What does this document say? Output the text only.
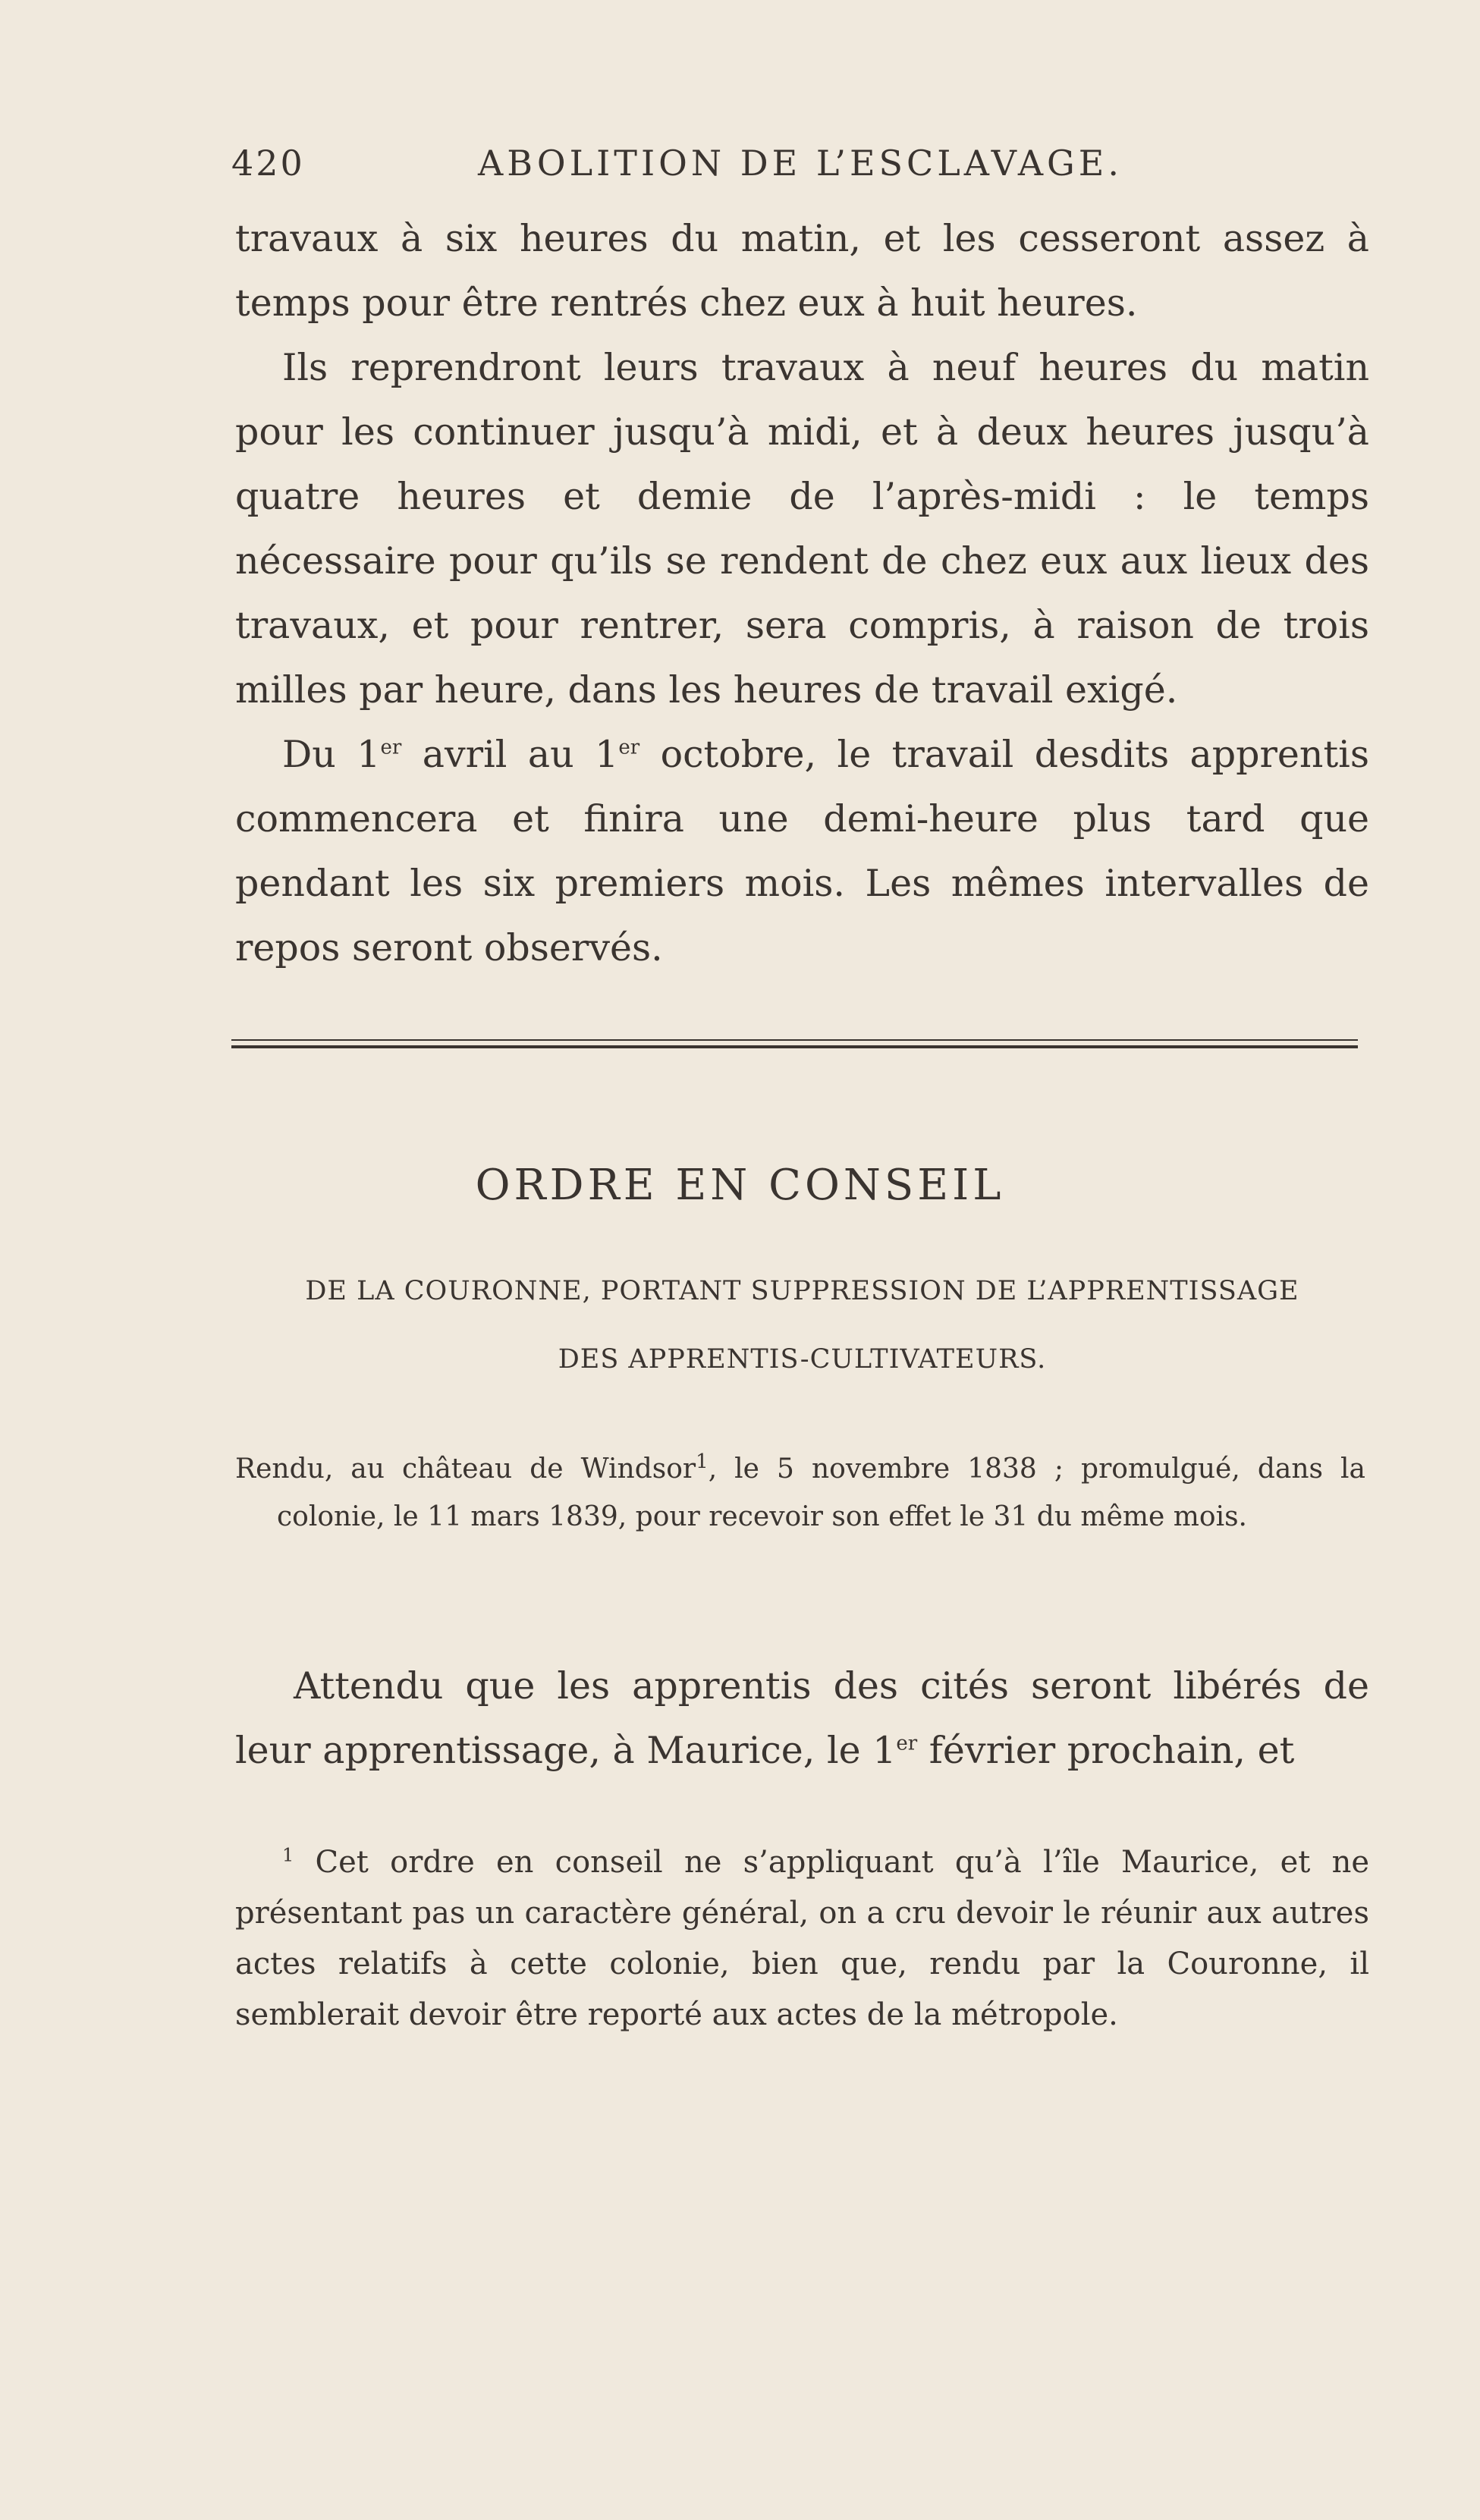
420	ABOLITION DE L’ESCLAVAGE.

travaux à six heures du matin, et les cesseront assez à temps pour être rentrés chez eux à huit heures.

Ils reprendront leurs travaux à neuf heures du matin pour les continuer jusqu’à midi, et à deux heures jusqu’à quatre heures et demie de l’après-midi : le temps nécessaire pour qu’ils se rendent de chez eux aux lieux des travaux, et pour rentrer, sera compris, à raison de trois milles par heure, dans les heures de travail exigé.

Du 1er avril au 1er octobre, le travail desdits apprentis commencera et finira une demi-heure plus tard que pendant les six premiers mois. Les mêmes intervalles de repos seront observés.

ORDRE EN CONSEIL
DE LA COURONNE, PORTANT SUPPRESSION DE L’APPRENTISSAGE
DES APPRENTIS-CULTIVATEURS.
Rendu, au château de Windsor$^1$, le 5 novembre 1838 ; promulgué, dans la colonie, le 11 mars 1839, pour recevoir son effet le 31 du même mois.
Attendu que les apprentis des cités seront libérés de leur apprentissage, à Maurice, le 1er février prochain, et
$^1$ Cet ordre en conseil ne s’appliquant qu’à l’île Maurice, et ne présentant pas un caractère général, on a cru devoir le réunir aux autres actes relatifs à cette colonie, bien que, rendu par la Couronne, il semblerait devoir être reporté aux actes de la métropole.
